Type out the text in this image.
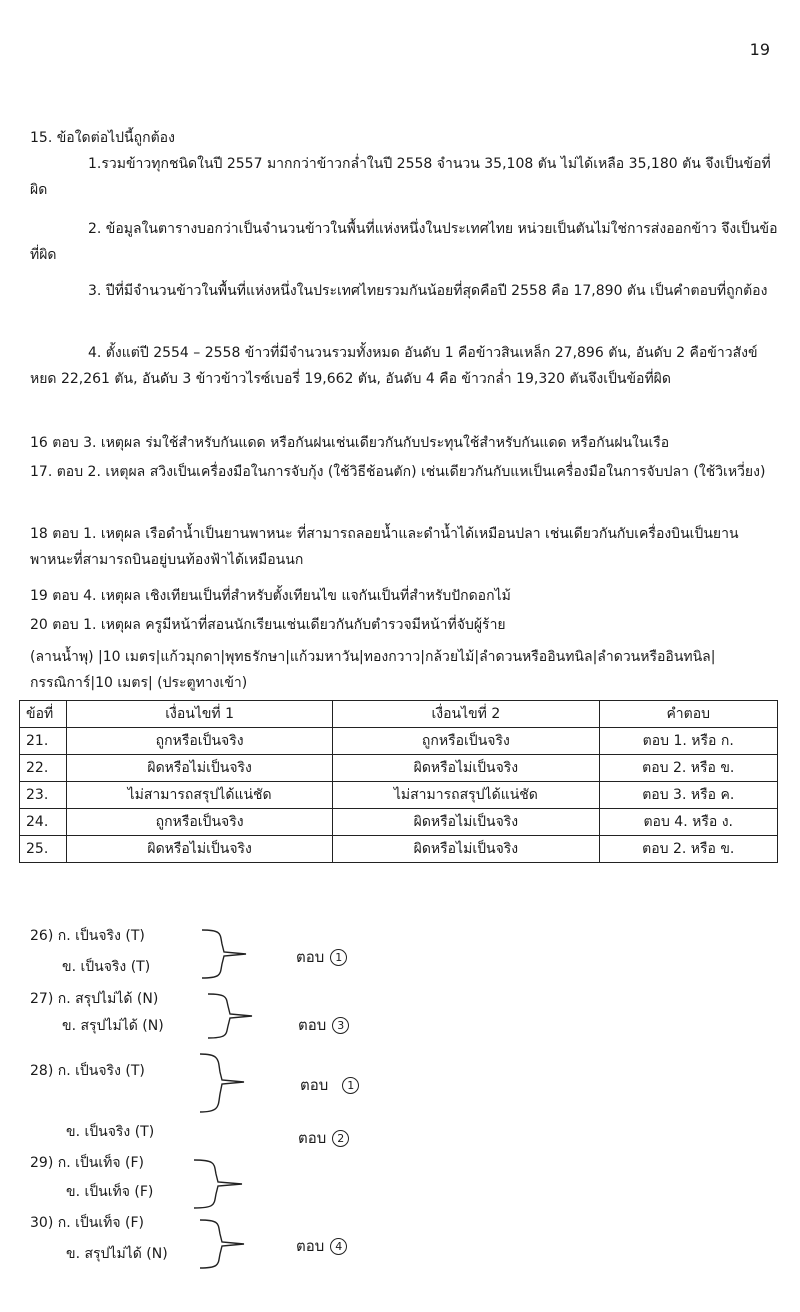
19

15. ข้อใดต่อไปนี้ถูกต้อง

1.รวมข้าวทุกชนิดในปี 2557 มากกว่าข้าวกล่ำในปี 2558 จำนวน 35,108 ตัน ไม่ได้เหลือ 35,180 ตัน จึงเป็นข้อที่ผิด

2. ข้อมูลในตารางบอกว่าเป็นจำนวนข้าวในพื้นที่แห่งหนึ่งในประเทศไทย หน่วยเป็นตันไม่ใช่การส่งออกข้าว จึงเป็นข้อที่ผิด

3. ปีที่มีจำนวนข้าวในพื้นที่แห่งหนึ่งในประเทศไทยรวมกันน้อยที่สุดคือปี 2558 คือ 17,890 ตัน เป็นคำตอบที่ถูกต้อง

4. ตั้งแต่ปี 2554 – 2558 ข้าวที่มีจำนวนรวมทั้งหมด อันดับ 1 คือข้าวสินเหล็ก 27,896 ตัน, อันดับ 2 คือข้าวสังข์หยด 22,261 ตัน, อันดับ 3 ข้าวข้าวไรซ์เบอรี่ 19,662 ตัน, อันดับ 4 คือ ข้าวกล่ำ 19,320 ตันจึงเป็นข้อที่ผิด

16 ตอบ 3. เหตุผล ร่มใช้สำหรับกันแดด หรือกันฝนเช่นเดียวกันกับประทุนใช้สำหรับกันแดด หรือกันฝนในเรือ

17. ตอบ 2. เหตุผล สวิงเป็นเครื่องมือในการจับกุ้ง (ใช้วิธีช้อนตัก) เช่นเดียวกันกับแหเป็นเครื่องมือในการจับปลา (ใช้วิเหวี่ยง)

18 ตอบ 1. เหตุผล เรือดำน้ำเป็นยานพาหนะ ที่สามารถลอยน้ำและดำน้ำได้เหมือนปลา เช่นเดียวกันกับเครื่องบินเป็นยานพาหนะที่สามารถบินอยู่บนท้องฟ้าได้เหมือนนก

19 ตอบ 4. เหตุผล เชิงเทียนเป็นที่สำหรับตั้งเทียนไข แจกันเป็นที่สำหรับปักดอกไม้

20 ตอบ 1. เหตุผล ครูมีหน้าที่สอนนักเรียนเช่นเดียวกันกับตำรวจมีหน้าที่จับผู้ร้าย

(ลานน้ำพุ) |10 เมตร|แก้วมุกดา|พุทธรักษา|แก้วมหาวัน|ทองกวาว|กล้วยไม้|ลำดวนหรืออินทนิล|ลำดวนหรืออินทนิล|กรรณิการ์|10 เมตร| (ประตูทางเข้า)

ข้อที่	เงื่อนไขที่ 1	เงื่อนไขที่ 2	คำตอบ
21.	ถูกหรือเป็นจริง	ถูกหรือเป็นจริง	ตอบ 1. หรือ ก.
22.	ผิดหรือไม่เป็นจริง	ผิดหรือไม่เป็นจริง	ตอบ 2. หรือ ข.
23.	ไม่สามารถสรุปได้แน่ชัด	ไม่สามารถสรุปได้แน่ชัด	ตอบ 3. หรือ ค.
24.	ถูกหรือเป็นจริง	ผิดหรือไม่เป็นจริง	ตอบ 4. หรือ ง.
25.	ผิดหรือไม่เป็นจริง	ผิดหรือไม่เป็นจริง	ตอบ 2. หรือ ข.
26) ก. เป็นจริง (T)
ข. เป็นจริง (T)
ตอบ 1
27) ก. สรุปไม่ได้ (N)
ข. สรุปไม่ได้ (N)	ตอบ 3
28) ก. เป็นจริง (T)
ตอบ 1
ข. เป็นจริง (T)	ตอบ 2
29) ก. เป็นเท็จ (F)
ข. เป็นเท็จ (F)
30) ก. เป็นเท็จ (F)
ข. สรุปไม่ได้ (N)	ตอบ 4
